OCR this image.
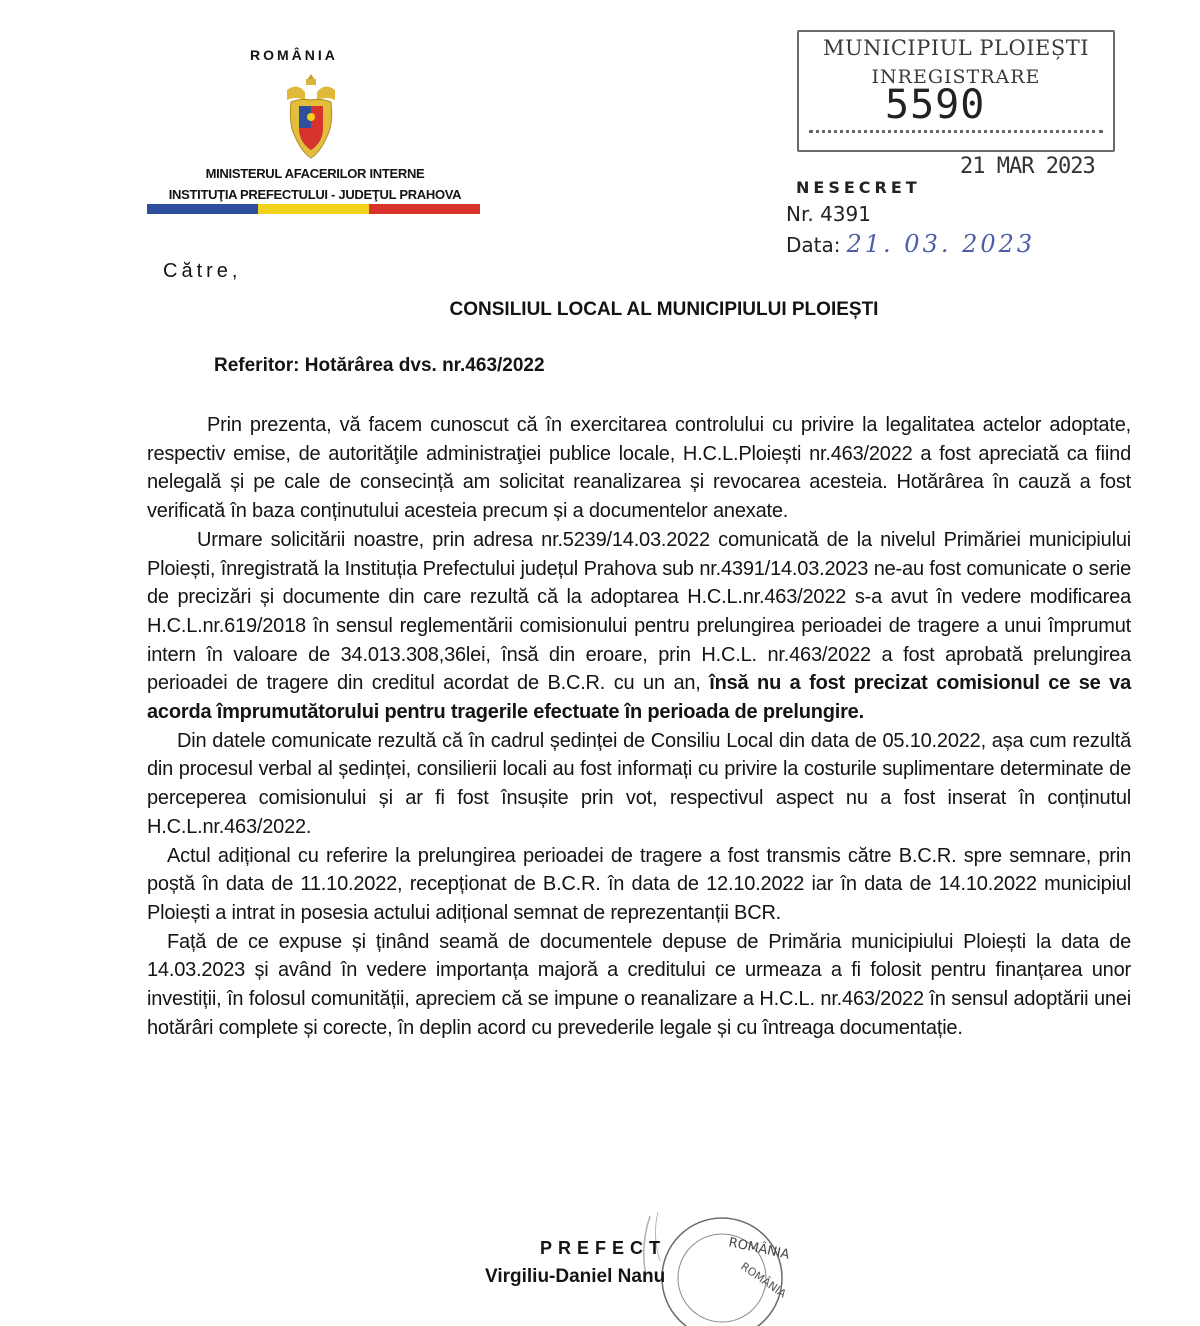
ROMÂNIA
MINISTERUL AFACERILOR INTERNE
INSTITUŢIA PREFECTULUI - JUDEŢUL PRAHOVA
MUNICIPIUL PLOIEȘTI
INREGISTRARE
5590
21 MAR 2023
NESECRET
Nr. 4391
Data: 21. 03. 2023
Către,
CONSILIUL LOCAL AL MUNICIPIULUI PLOIEȘTI
Referitor: Hotărârea dvs. nr.463/2022

Prin prezenta, vă facem cunoscut că în exercitarea controlului cu privire la legalitatea actelor adoptate, respectiv emise, de autorităţile administraţiei publice locale, H.C.L.Ploiești nr.463/2022 a fost apreciată ca fiind nelegală și pe cale de consecință am solicitat reanalizarea și revocarea acesteia. Hotărârea în cauză a fost verificată în baza conținutului acesteia precum și a documentelor anexate.

Urmare solicitării noastre, prin adresa nr.5239/14.03.2022 comunicată de la nivelul Primăriei municipiului Ploiești, înregistrată la Instituția Prefectului județul Prahova sub nr.4391/14.03.2023 ne-au fost comunicate o serie de precizări și documente din care rezultă că la adoptarea H.C.L.nr.463/2022 s-a avut în vedere modificarea H.C.L.nr.619/2018 în sensul reglementării comisionului pentru prelungirea perioadei de tragere a unui împrumut intern în valoare de 34.013.308,36lei, însă din eroare, prin H.C.L. nr.463/2022 a fost aprobată prelungirea perioadei de tragere din creditul acordat de B.C.R. cu un an, însă nu a fost precizat comisionul ce se va acorda împrumutătorului pentru tragerile efectuate în perioada de prelungire.

Din datele comunicate rezultă că în cadrul ședinței de Consiliu Local din data de 05.10.2022, așa cum rezultă din procesul verbal al ședinței, consilierii locali au fost informați cu privire la costurile suplimentare determinate de perceperea comisionului și ar fi fost însușite prin vot, respectivul aspect nu a fost inserat în conținutul H.C.L.nr.463/2022.

Actul adițional cu referire la prelungirea perioadei de tragere a fost transmis către B.C.R. spre semnare, prin poștă în data de 11.10.2022, recepționat de B.C.R. în data de 12.10.2022 iar în data de 14.10.2022 municipiul Ploiești a intrat in posesia actului adițional semnat de reprezentanții BCR.

Față de ce expuse și ținând seamă de documentele depuse de Primăria municipiului Ploiești la data de 14.03.2023 și având în vedere importanța majoră a creditului ce urmeaza a fi folosit pentru finanțarea unor investiții, în folosul comunității, apreciem că se impune o reanalizare a H.C.L. nr.463/2022 în sensul adoptării unei hotărâri complete și corecte, în deplin acord cu prevederile legale și cu întreaga documentație.

ROMÂNIA
ROMÂNIA
PREFECT
Virgiliu-Daniel Nanu
